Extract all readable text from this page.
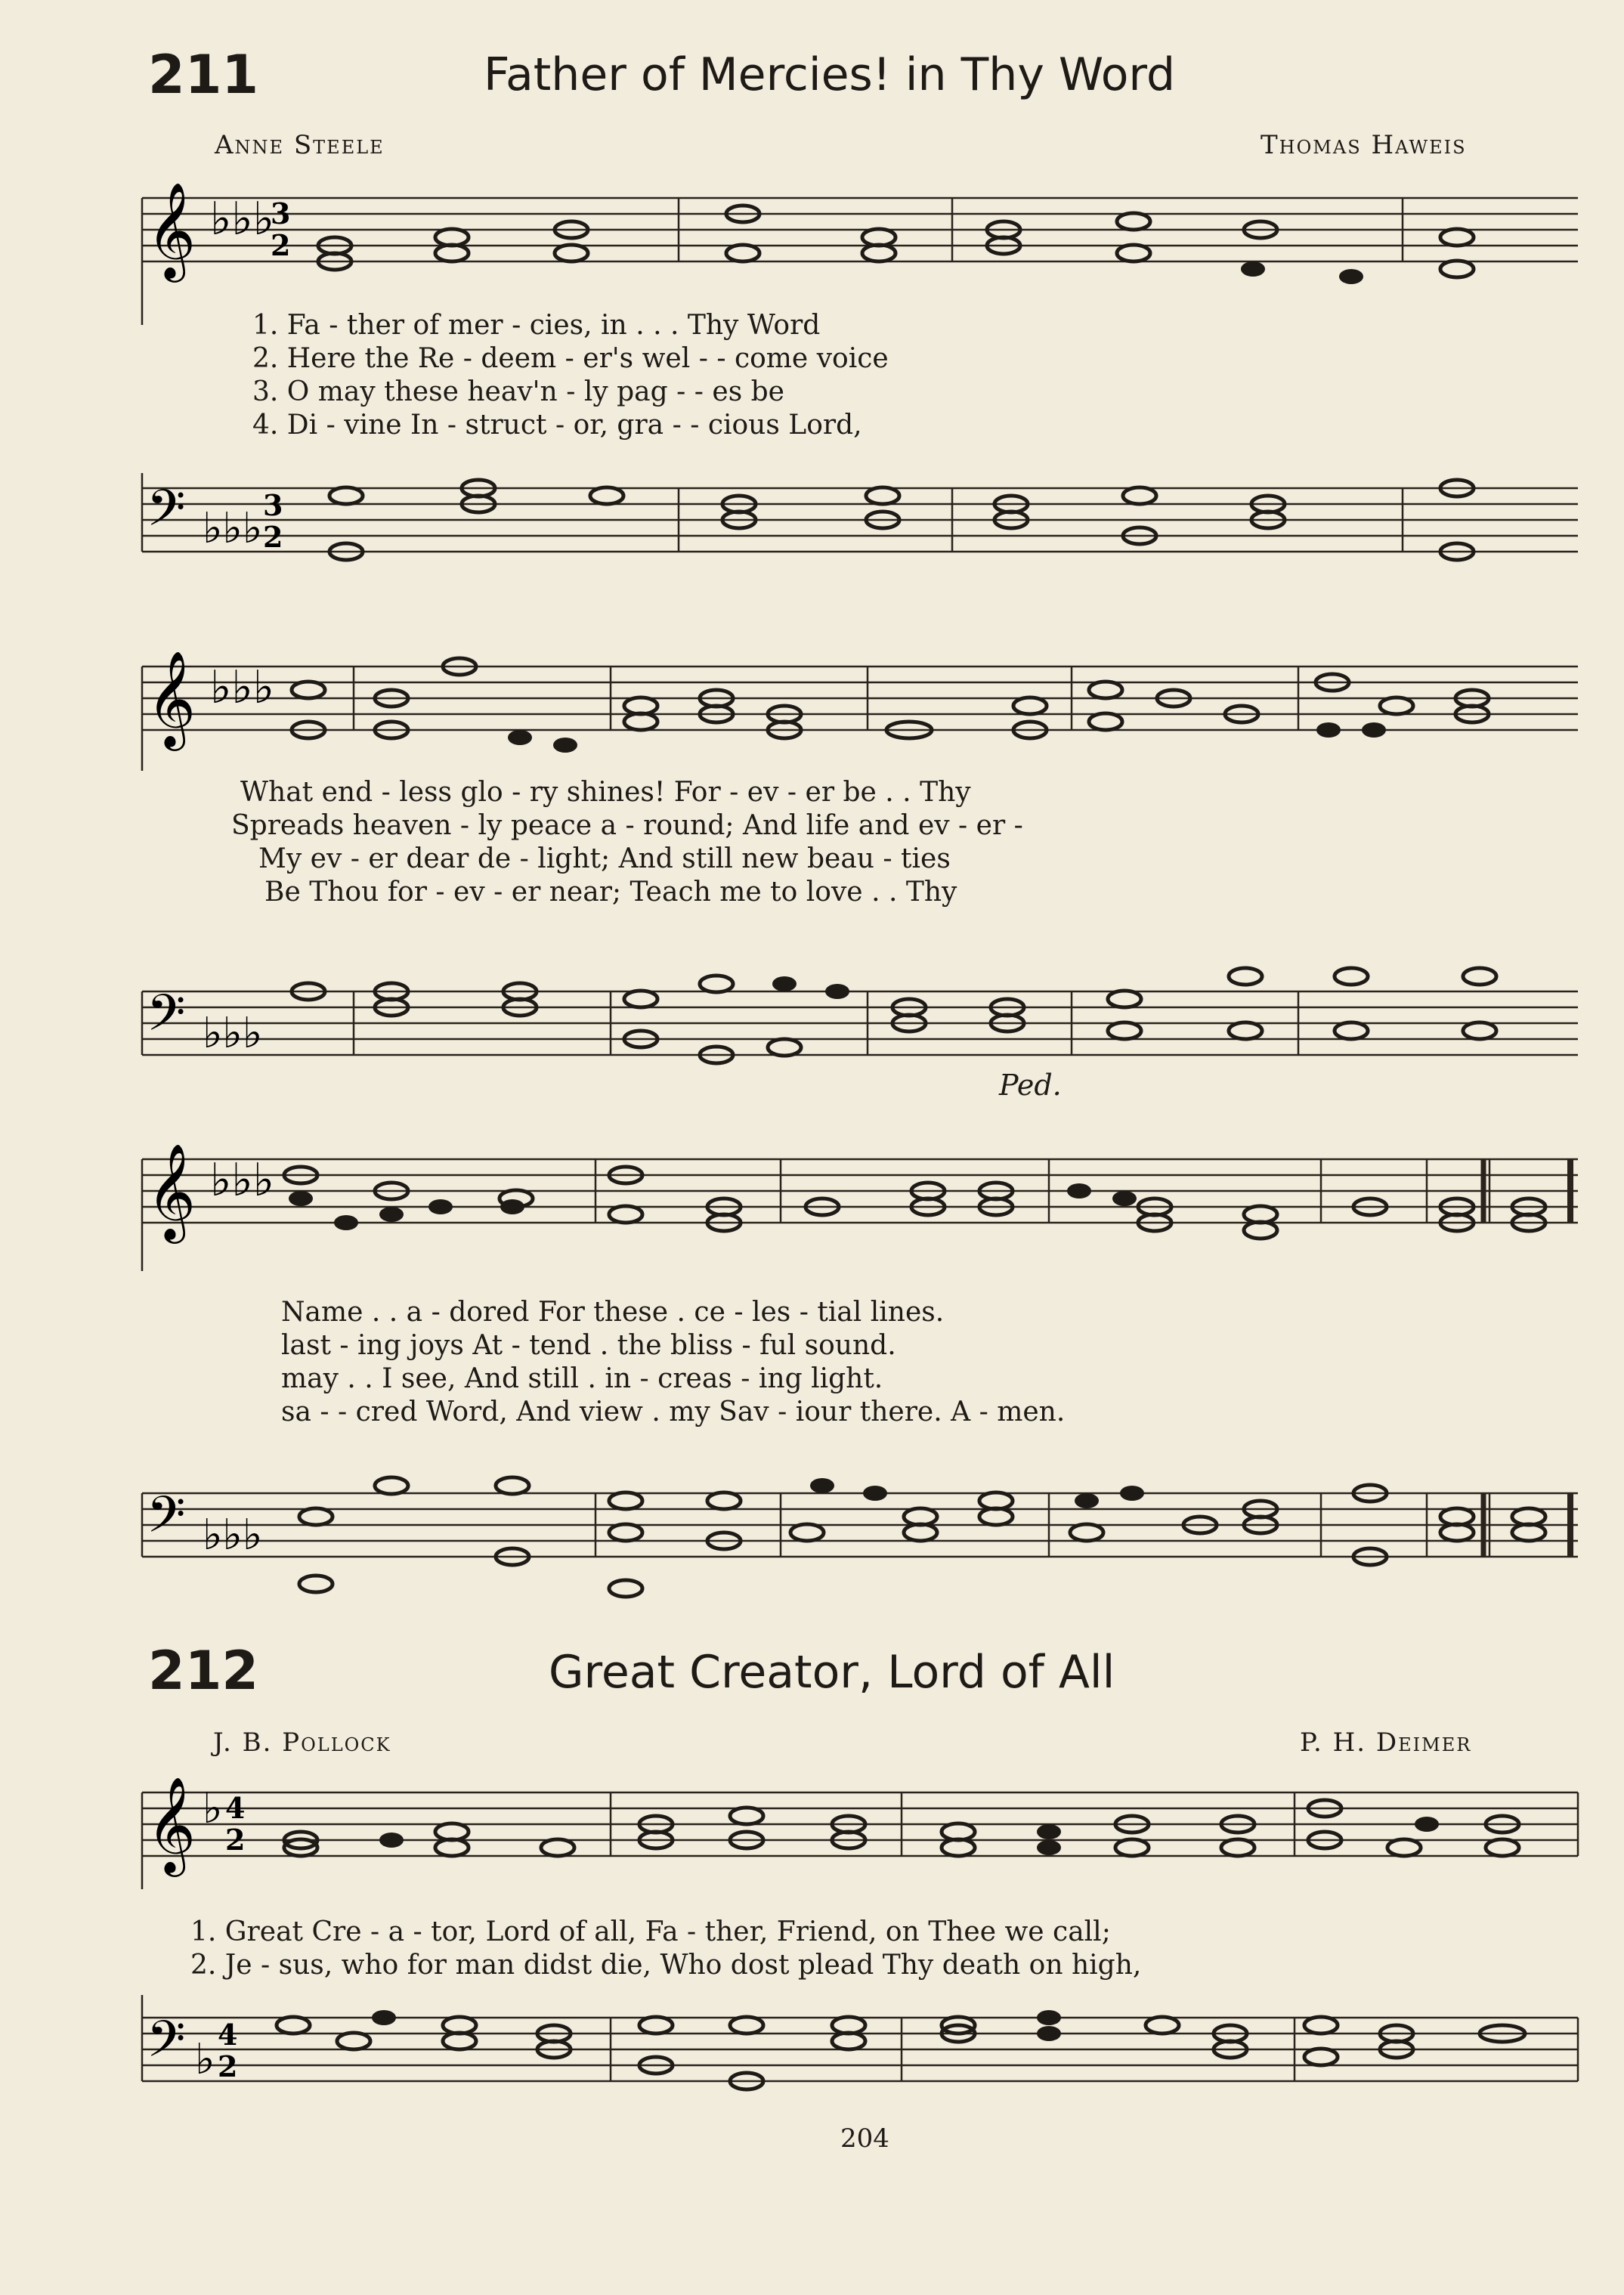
211	Father of Mercies! in Thy Word
Anne Steele	Thomas Haweis
𝄞 ♭♭♭
3
2
1. Fa - ther of mer - cies, in . . . Thy Word
2. Here the Re - deem - er's wel - - come voice
3. O may these heav'n - ly pag - - es be
4. Di - vine In - struct - or, gra - - cious Lord,
𝄢 ♭♭♭ 3
2
𝄞 ♭♭♭
What end - less glo - ry shines! For - ev - er be . . Thy
Spreads heaven - ly peace a - round; And life and ev - er -
My ev - er dear de - light; And still new beau - ties
Be Thou for - ev - er near; Teach me to love . . Thy
𝄢 ♭♭♭
Ped.
𝄞 ♭♭♭
Name . . a - dored For these . ce - les - tial lines.
last - ing joys At - tend . the bliss - ful sound.
may . . I see, And still . in - creas - ing light.
sa - - cred Word, And view . my Sav - iour there. A - men.
𝄢 ♭♭♭
212	Great Creator, Lord of All
J. B. Pollock	P. H. Deimer
𝄞 ♭ 4
2
1. Great Cre - a - tor, Lord of all, Fa - ther, Friend, on Thee we call;
2. Je - sus, who for man didst die, Who dost plead Thy death on high,
𝄢 ♭
4
2
204
